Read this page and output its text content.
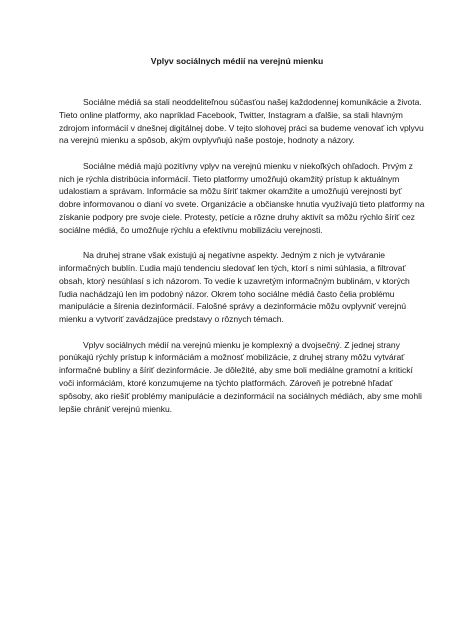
Vplyv sociálnych médií na verejnú mienku

Sociálne médiá sa stali neoddeliteľnou súčasťou našej každodennej komunikácie a života. Tieto online platformy, ako napríklad Facebook, Twitter, Instagram a ďalšie, sa stali hlavným zdrojom informácií v dnešnej digitálnej dobe. V tejto slohovej práci sa budeme venovať ich vplyvu na verejnú mienku a spôsob, akým ovplyvňujú naše postoje, hodnoty a názory.

Sociálne médiá majú pozitívny vplyv na verejnú mienku v niekoľkých ohľadoch. Prvým z nich je rýchla distribúcia informácií. Tieto platformy umožňujú okamžitý prístup k aktuálnym udalostiam a správam. Informácie sa môžu šíriť takmer okamžite a umožňujú verejnosti byť dobre informovanou o dianí vo svete. Organizácie a občianske hnutia využívajú tieto platformy na získanie podpory pre svoje ciele. Protesty, petície a rôzne druhy aktivít sa môžu rýchlo šíriť cez sociálne médiá, čo umožňuje rýchlu a efektívnu mobilizáciu verejnosti.

Na druhej strane však existujú aj negatívne aspekty. Jedným z nich je vytváranie informačných bublín. Ľudia majú tendenciu sledovať len tých, ktorí s nimi súhlasia, a filtrovať obsah, ktorý nesúhlasí s ich názorom. To vedie k uzavretým informačným bublinám, v ktorých ľudia nachádzajú len im podobný názor. Okrem toho sociálne médiá často čelia problému manipulácie a šírenia dezinformácií. Falošné správy a dezinformácie môžu ovplyvniť verejnú mienku a vytvoriť zavádzajúce predstavy o rôznych témach.

Vplyv sociálnych médií na verejnú mienku je komplexný a dvojsečný. Z jednej strany ponúkajú rýchly prístup k informáciám a možnosť mobilizácie, z druhej strany môžu vytvárať informačné bubliny a šíriť dezinformácie. Je dôležité, aby sme boli mediálne gramotní a kritickí voči informáciám, ktoré konzumujeme na týchto platformách. Zároveň je potrebné hľadať spôsoby, ako riešiť problémy manipulácie a dezinformácií na sociálnych médiách, aby sme mohli lepšie chrániť verejnú mienku.
